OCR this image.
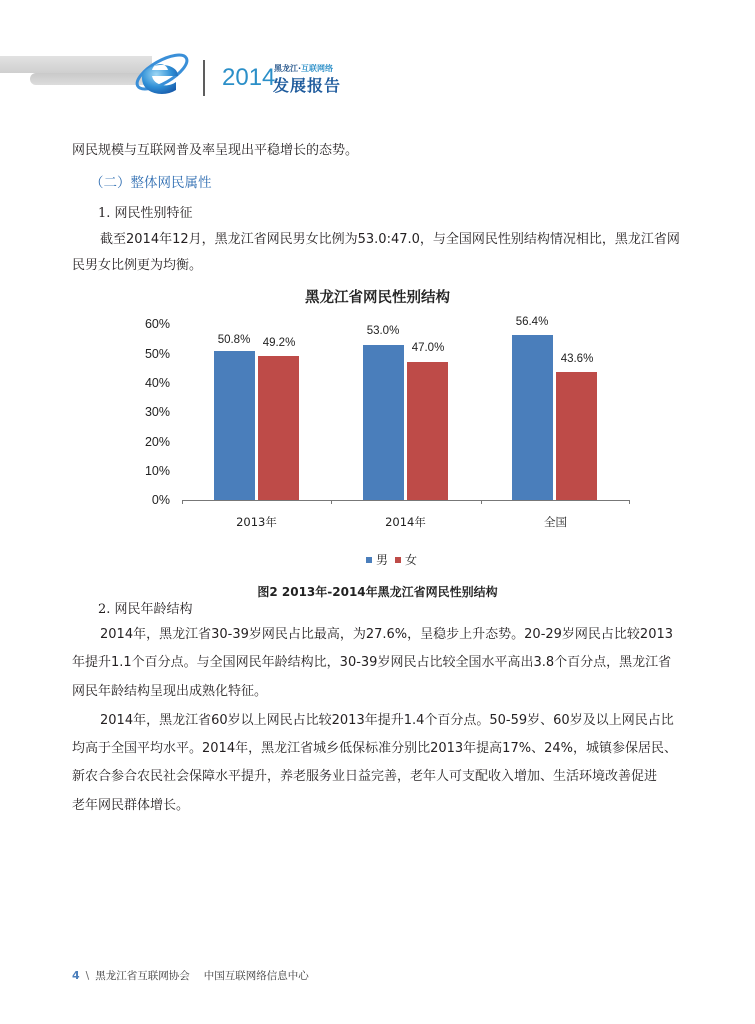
2014
黑龙江·互联网络
发展报告
网民规模与互联网普及率呈现出平稳增长的态势。
（二）整体网民属性
1. 网民性别特征
截至2014年12月，黑龙江省网民男女比例为53.0:47.0，与全国网民性别结构情况相比，黑龙江省网
民男女比例更为均衡。
黑龙江省网民性别结构
0%
10%
20%
30%
40%
50%
60%
50.8%	49.2%
53.0%
47.0%
56.4%
43.6%
2013年	2014年	全国
男 女
图2 2013年-2014年黑龙江省网民性别结构
2. 网民年龄结构
2014年，黑龙江省30-39岁网民占比最高，为27.6%，呈稳步上升态势。20-29岁网民占比较2013
年提升1.1个百分点。与全国网民年龄结构比，30-39岁网民占比较全国水平高出3.8个百分点，黑龙江省
网民年龄结构呈现出成熟化特征。
2014年，黑龙江省60岁以上网民占比较2013年提升1.4个百分点。50-59岁、60岁及以上网民占比
均高于全国平均水平。2014年，黑龙江省城乡低保标准分别比2013年提高17%、24%，城镇参保居民、
新农合参合农民社会保障水平提升，养老服务业日益完善，老年人可支配收入增加、生活环境改善促进
老年网民群体增长。
4 \ 黑龙江省互联网协会 中国互联网络信息中心
